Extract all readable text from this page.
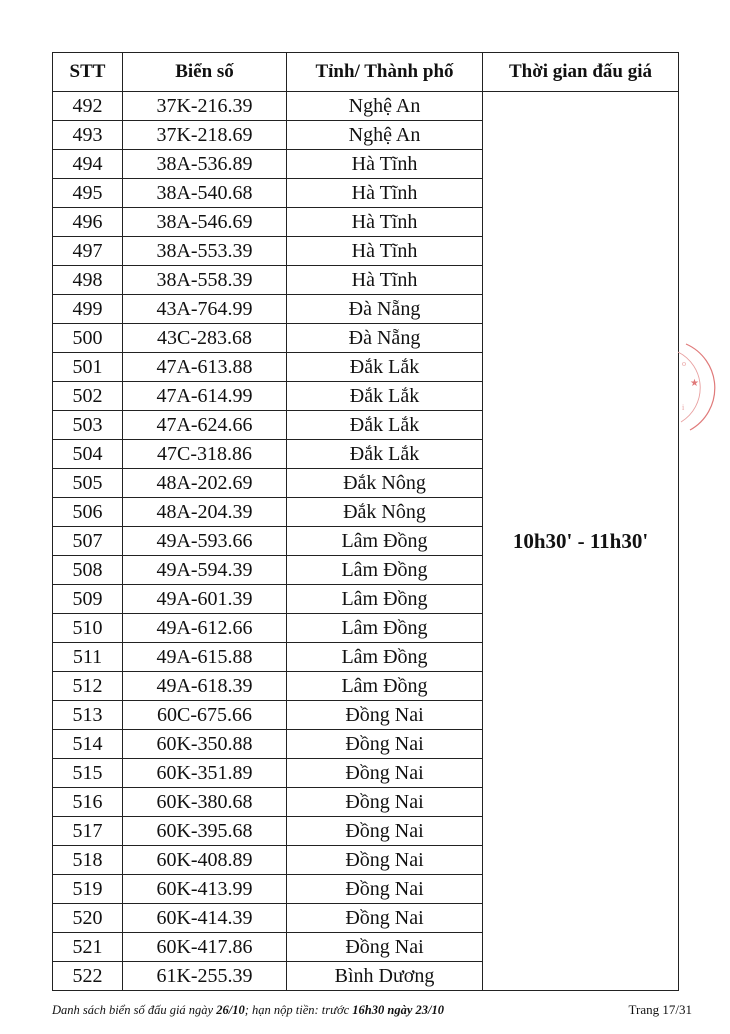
STT	Biển số	Tỉnh/ Thành phố	Thời gian đấu giá
492	37K-216.39	Nghệ An	10h30' - 11h30'
493	37K-218.69	Nghệ An	
494	38A-536.89	Hà Tĩnh	
495	38A-540.68	Hà Tĩnh	
496	38A-546.69	Hà Tĩnh	
497	38A-553.39	Hà Tĩnh	
498	38A-558.39	Hà Tĩnh	
499	43A-764.99	Đà Nẵng	
500	43C-283.68	Đà Nẵng	
501	47A-613.88	Đắk Lắk	
502	47A-614.99	Đắk Lắk	
503	47A-624.66	Đắk Lắk	
504	47C-318.86	Đắk Lắk	
505	48A-202.69	Đắk Nông	
506	48A-204.39	Đắk Nông	
507	49A-593.66	Lâm Đồng	
508	49A-594.39	Lâm Đồng	
509	49A-601.39	Lâm Đồng	
510	49A-612.66	Lâm Đồng	
511	49A-615.88	Lâm Đồng	
512	49A-618.39	Lâm Đồng	
513	60C-675.66	Đồng Nai	
514	60K-350.88	Đồng Nai	
515	60K-351.89	Đồng Nai	
516	60K-380.68	Đồng Nai	
517	60K-395.68	Đồng Nai	
518	60K-408.89	Đồng Nai	
519	60K-413.99	Đồng Nai	
520	60K-414.39	Đồng Nai	
521	60K-417.86	Đồng Nai	
522	61K-255.39	Bình Dương	
★
o
i
Danh sách biển số đấu giá ngày 26/10; hạn nộp tiền: trước 16h30 ngày 23/10	Trang 17/31
